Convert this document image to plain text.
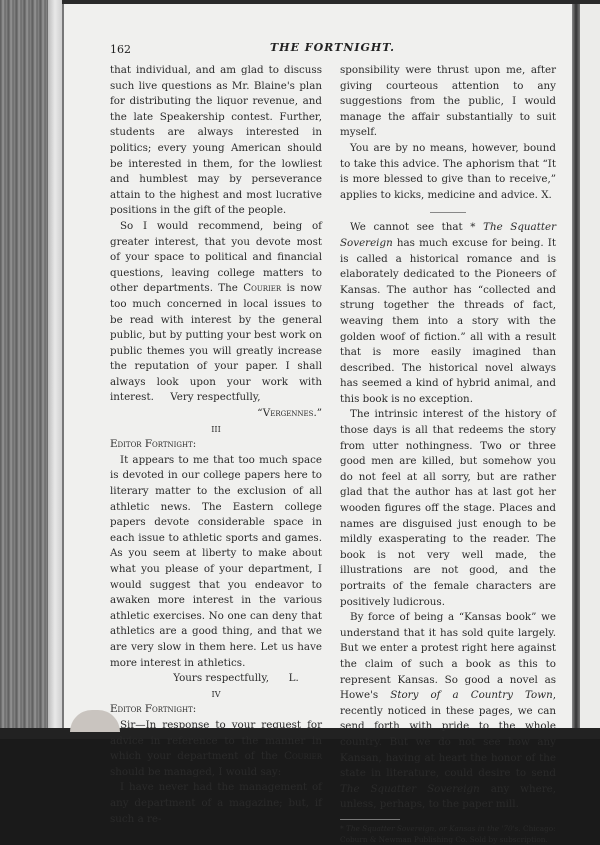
162	THE FORTNIGHT.

that individual, and am glad to discuss such live questions as Mr. Blaine's plan for distributing the liquor revenue, and the late Speakership contest. Further, students are always interested in politics; every young American should be interested in them, for the lowliest and humblest may by perseverance attain to the highest and most lucrative positions in the gift of the people.

So I would recommend, being of greater interest, that you devote most of your space to political and financial questions, leaving college matters to other departments. The Courier is now too much concerned in local issues to be read with interest by the general public, but by putting your best work on public themes you will greatly increase the reputation of your paper. I shall always look upon your work with interest. Very respectfully,

“Vergennes.”

III

Editor Fortnight:

It appears to me that too much space is devoted in our college papers here to literary matter to the exclusion of all athletic news. The Eastern college papers devote considerable space in each issue to athletic sports and games. As you seem at liberty to make about what you please of your department, I would suggest that you endeavor to awaken more interest in the various athletic exercises. No one can deny that athletics are a good thing, and that we are very slow in them here. Let us have more interest in athletics.

Yours respectfully,      L.

IV

Editor Fortnight:

Sir—In response to your request for advice in reference to the manner in which your department of the Courier should be managed, I would say:

I have never had the management of any department of a magazine; but, if such a re-

sponsibility were thrust upon me, after giving courteous attention to any suggestions from the public, I would manage the affair substantially to suit myself.

You are by no means, however, bound to take this advice. The aphorism that “It is more blessed to give than to receive,” applies to kicks, medicine and advice. X.

We cannot see that * The Squatter Sovereign has much excuse for being. It is called a historical romance and is elaborately dedicated to the Pioneers of Kansas. The author has “collected and strung together the threads of fact, weaving them into a story with the golden woof of fiction.” all with a result that is more easily imagined than described. The historical novel always has seemed a kind of hybrid animal, and this book is no exception.

The intrinsic interest of the history of those days is all that redeems the story from utter nothingness. Two or three good men are killed, but somehow you do not feel at all sorry, but are rather glad that the author has at last got her wooden figures off the stage. Places and names are disguised just enough to be mildly exasperating to the reader. The book is not very well made, the illustrations are not good, and the portraits of the female characters are positively ludicrous.

By force of being a “Kansas book” we understand that it has sold quite largely. But we enter a protest right here against the claim of such a book as this to represent Kansas. So good a novel as Howe's Story of a Country Town, recently noticed in these pages, we can send forth with pride to the whole country. But we do not see how any Kansan, having at heart the honor of the state in literature, could desire to send The Squatter Sovereign any where, unless, perhaps, to the paper mill.

* The Squatter Sovereign, or Kansas in the '70's. Chicago: Coburn & Newman Publishing Co. Sold by subscription.
